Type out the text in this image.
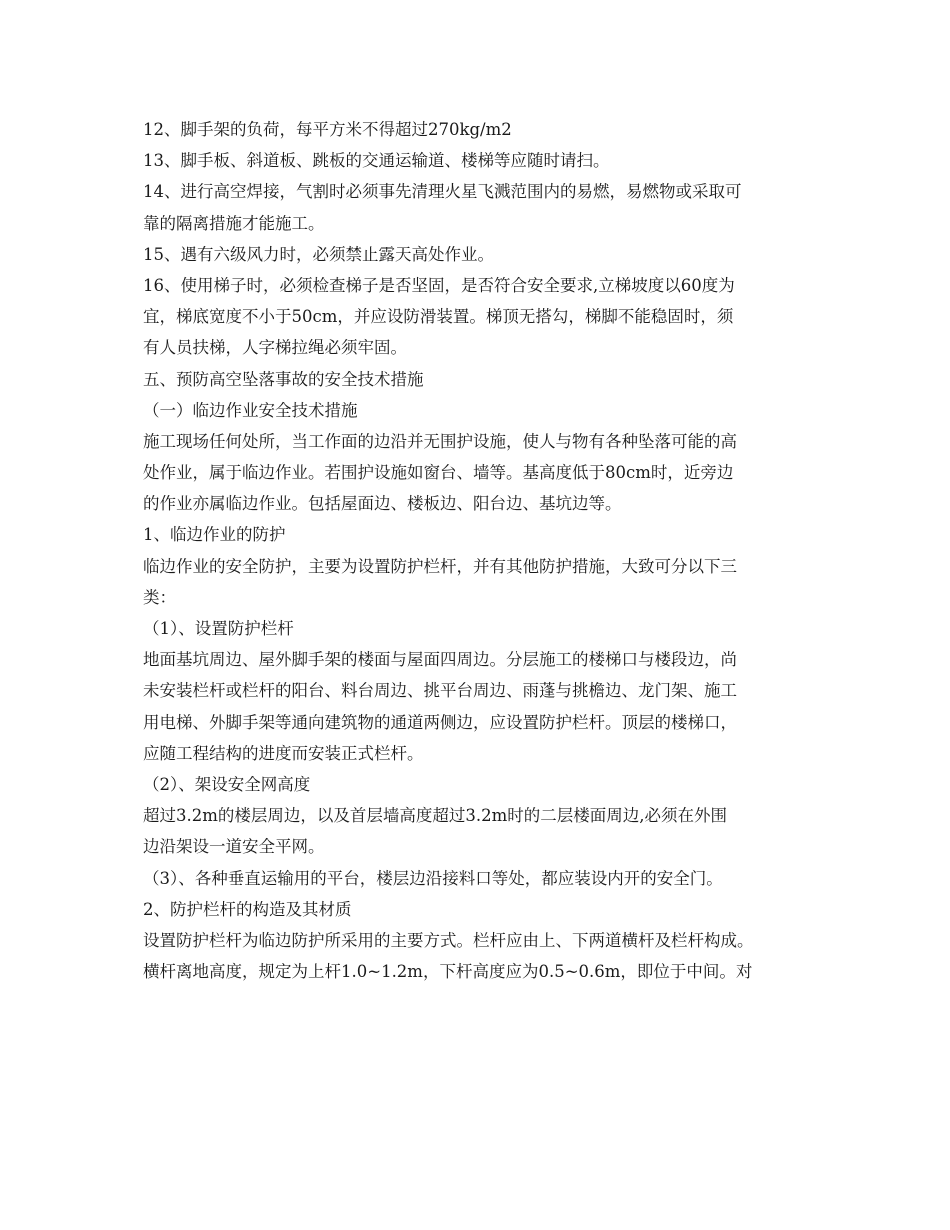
12、脚手架的负荷，每平方米不得超过270kg/m2
13、脚手板、斜道板、跳板的交通运输道、楼梯等应随时请扫。
14、进行高空焊接，气割时必须事先清理火星飞溅范围内的易燃，易燃物或采取可
靠的隔离措施才能施工。
15、遇有六级风力时，必须禁止露天高处作业。
16、使用梯子时，必须检查梯子是否坚固，是否符合安全要求,立梯坡度以60度为
宜，梯底宽度不小于50cm，并应设防滑装置。梯顶无搭勾，梯脚不能稳固时，须
有人员扶梯，人字梯拉绳必须牢固。
五、预防高空坠落事故的安全技术措施
（一）临边作业安全技术措施
施工现场任何处所，当工作面的边沿并无围护设施，使人与物有各种坠落可能的高
处作业，属于临边作业。若围护设施如窗台、墙等。基高度低于80cm时，近旁边
的作业亦属临边作业。包括屋面边、楼板边、阳台边、基坑边等。
1、临边作业的防护
临边作业的安全防护，主要为设置防护栏杆，并有其他防护措施，大致可分以下三
类：
（1）、设置防护栏杆
地面基坑周边、屋外脚手架的楼面与屋面四周边。分层施工的楼梯口与楼段边，尚
未安装栏杆或栏杆的阳台、料台周边、挑平台周边、雨蓬与挑檐边、龙门架、施工
用电梯、外脚手架等通向建筑物的通道两侧边，应设置防护栏杆。顶层的楼梯口，
应随工程结构的进度而安装正式栏杆。
（2）、架设安全网高度
超过3.2m的楼层周边，以及首层墙高度超过3.2m时的二层楼面周边,必须在外围
边沿架设一道安全平网。
（3）、各种垂直运输用的平台，楼层边沿接料口等处，都应装设内开的安全门。
2、防护栏杆的构造及其材质
设置防护栏杆为临边防护所采用的主要方式。栏杆应由上、下两道横杆及栏杆构成。
横杆离地高度，规定为上杆1.0~1.2m，下杆高度应为0.5~0.6m，即位于中间。对
